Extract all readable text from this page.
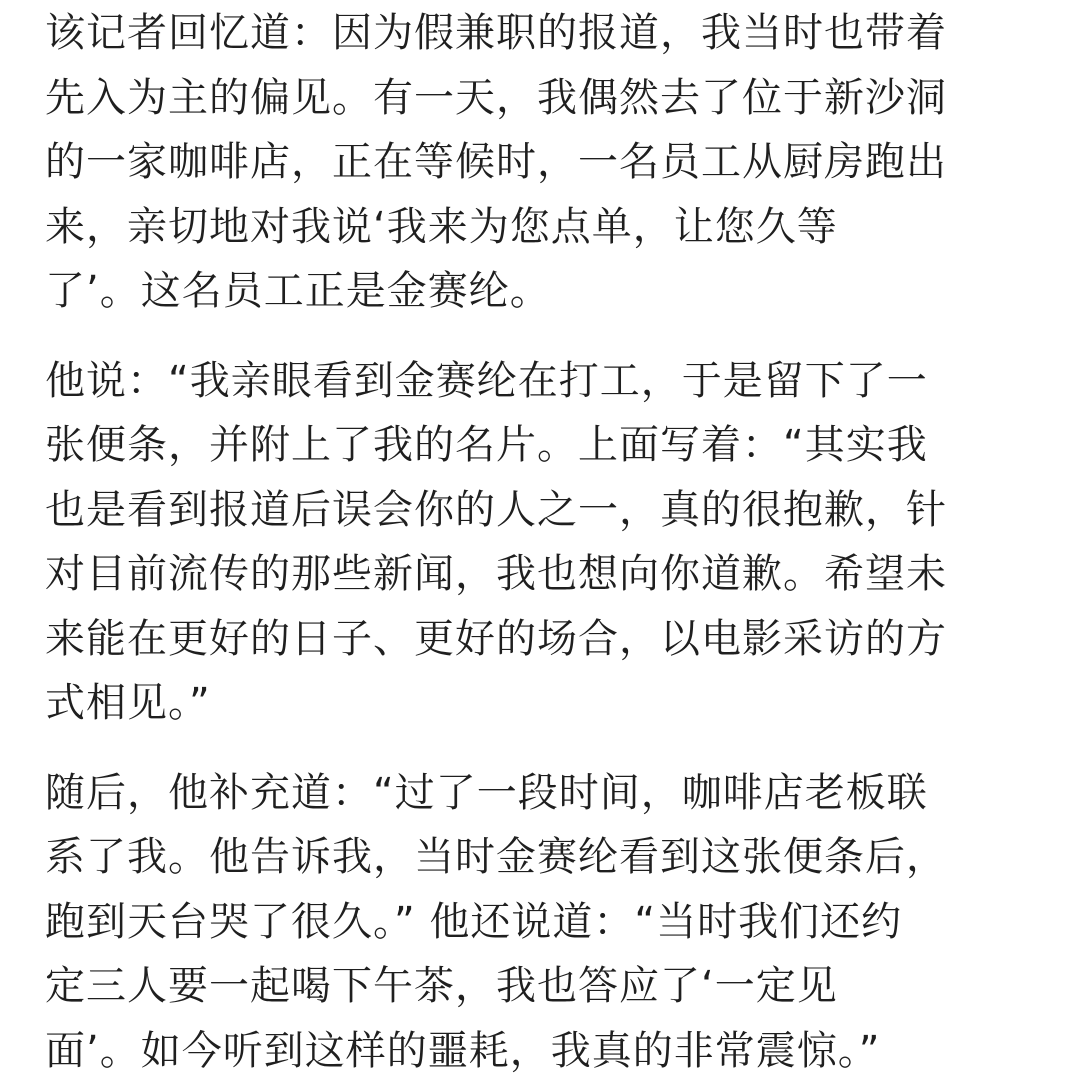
该记者回忆道：因为假兼职的报道，我当时也带着
先入为主的偏见。有一天，我偶然去了位于新沙洞
的一家咖啡店，正在等候时，一名员工从厨房跑出
来，亲切地对我说‘我来为您点单，让您久等
了’。这名员工正是金赛纶。
他说：“我亲眼看到金赛纶在打工，于是留下了一
张便条，并附上了我的名片。上面写着：“其实我
也是看到报道后误会你的人之一，真的很抱歉，针
对目前流传的那些新闻，我也想向你道歉。希望未
来能在更好的日子、更好的场合，以电影采访的方
式相见。”
随后，他补充道：“过了一段时间，咖啡店老板联
系了我。他告诉我，当时金赛纶看到这张便条后，
跑到天台哭了很久。” 他还说道：“当时我们还约
定三人要一起喝下午茶，我也答应了‘一定见
面’。如今听到这样的噩耗，我真的非常震惊。”
